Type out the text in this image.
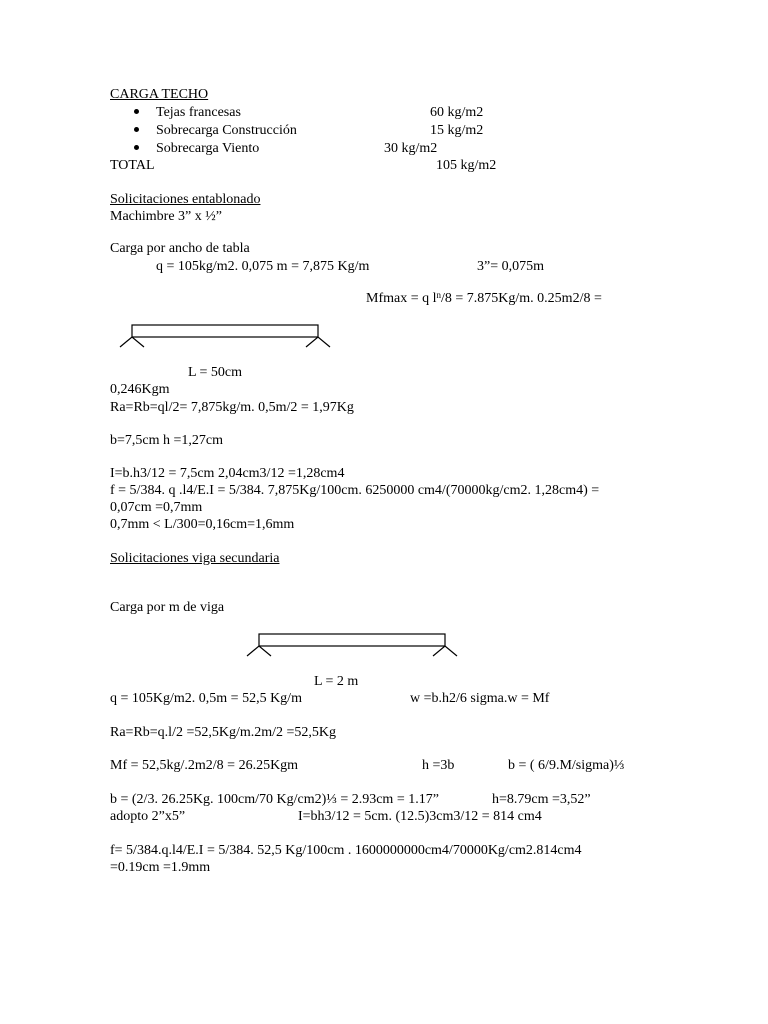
CARGA TECHO
Tejas francesas	60 kg/m2
Sobrecarga Construcción	15 kg/m2
Sobrecarga Viento	30 kg/m2
TOTAL	105 kg/m2
Solicitaciones entablonado
Machimbre 3” x ½”
Carga por ancho de tabla
q = 105kg/m2. 0,075 m = 7,875 Kg/m	3”= 0,075m
Mfmax = q $l^n/8 = 7.875Kg/m$. 0.25m2/8 =
L = 50cm
0,246Kgm
Ra=Rb=ql/2= 7,875kg/m. 0,5m/2 = 1,97Kg
b=7,5cm h =1,27cm
I=b.h3/12 = 7,5cm 2,04cm3/12 =1,28cm4
f = 5/384. q .l4/E.I = 5/384. 7,875Kg/100cm. 6250000 cm4/(70000kg/cm2. 1,28cm4) =
0,07cm =0,7mm
0,7mm < L/300=0,16cm=1,6mm
Solicitaciones viga secundaria
Carga por m de viga
L = 2 m
q = 105Kg/m2. 0,5m = 52,5 Kg/m	w =b.h2/6 sigma.w = Mf
Ra=Rb=q.l/2 =52,5Kg/m.2m/2 =52,5Kg
Mf = 52,5kg/.2m2/8 = 26.25Kgm	h =3b	b = ( 6/9.M/sigma)⅓
b = (2/3. 26.25Kg. 100cm/70 Kg/cm2)⅓ = 2.93cm = 1.17”	h=8.79cm =3,52”
adopto 2”x5”	I=bh3/12 = 5cm. (12.5)3cm3/12 = 814 cm4
f= 5/384.q.l4/E.I = 5/384. 52,5 Kg/100cm . 1600000000cm4/70000Kg/cm2.814cm4
=0.19cm =1.9mm
